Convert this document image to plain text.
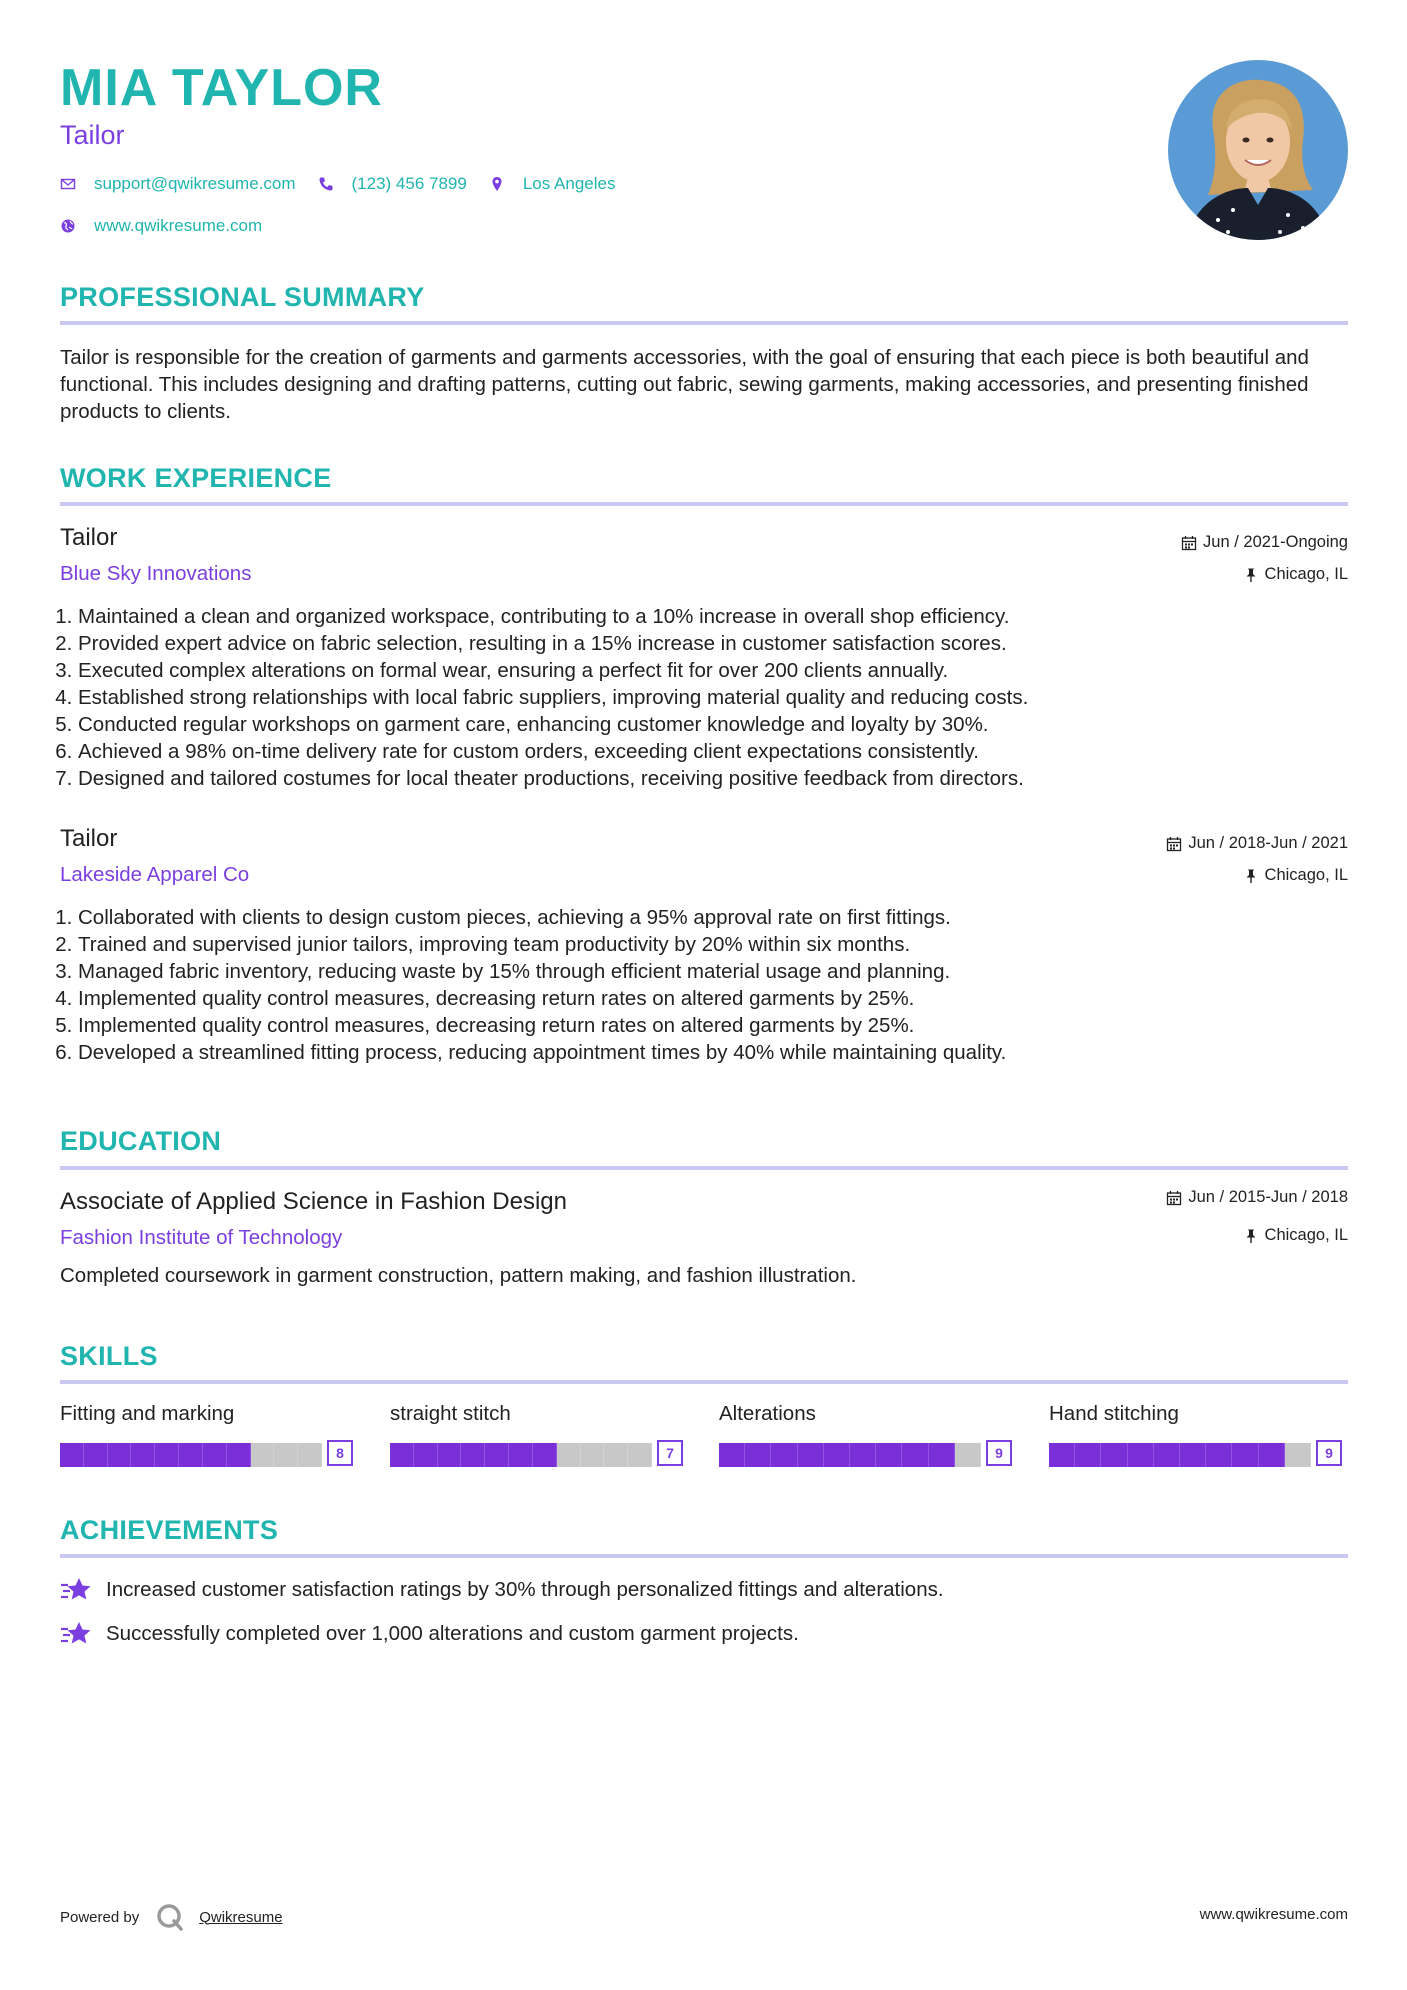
MIA TAYLOR
Tailor
support@qwikresume.com	(123) 456 7899	Los Angeles
www.qwikresume.com
PROFESSIONAL SUMMARY
Tailor is responsible for the creation of garments and garments accessories, with the goal of ensuring that each piece is both beautiful and functional. This includes designing and drafting patterns, cutting out fabric, sewing garments, making accessories, and presenting finished products to clients.
WORK EXPERIENCE
Tailor
Blue Sky Innovations
Jun / 2021-Ongoing
Chicago, IL
1. Maintained a clean and organized workspace, contributing to a 10% increase in overall shop efficiency.
2. Provided expert advice on fabric selection, resulting in a 15% increase in customer satisfaction scores.
3. Executed complex alterations on formal wear, ensuring a perfect fit for over 200 clients annually.
4. Established strong relationships with local fabric suppliers, improving material quality and reducing costs.
5. Conducted regular workshops on garment care, enhancing customer knowledge and loyalty by 30%.
6. Achieved a 98% on-time delivery rate for custom orders, exceeding client expectations consistently.
7. Designed and tailored costumes for local theater productions, receiving positive feedback from directors.
Tailor
Lakeside Apparel Co
Jun / 2018-Jun / 2021
Chicago, IL
1. Collaborated with clients to design custom pieces, achieving a 95% approval rate on first fittings.
2. Trained and supervised junior tailors, improving team productivity by 20% within six months.
3. Managed fabric inventory, reducing waste by 15% through efficient material usage and planning.
4. Implemented quality control measures, decreasing return rates on altered garments by 25%.
5. Implemented quality control measures, decreasing return rates on altered garments by 25%.
6. Developed a streamlined fitting process, reducing appointment times by 40% while maintaining quality.
EDUCATION
Associate of Applied Science in Fashion Design
Fashion Institute of Technology
Jun / 2015-Jun / 2018
Chicago, IL
Completed coursework in garment construction, pattern making, and fashion illustration.
SKILLS
Fitting and marking
8
straight stitch
7
Alterations
9
Hand stitching
9
ACHIEVEMENTS
Increased customer satisfaction ratings by 30% through personalized fittings and alterations.
Successfully completed over 1,000 alterations and custom garment projects.
Powered by	Qwikresume	www.qwikresume.com
